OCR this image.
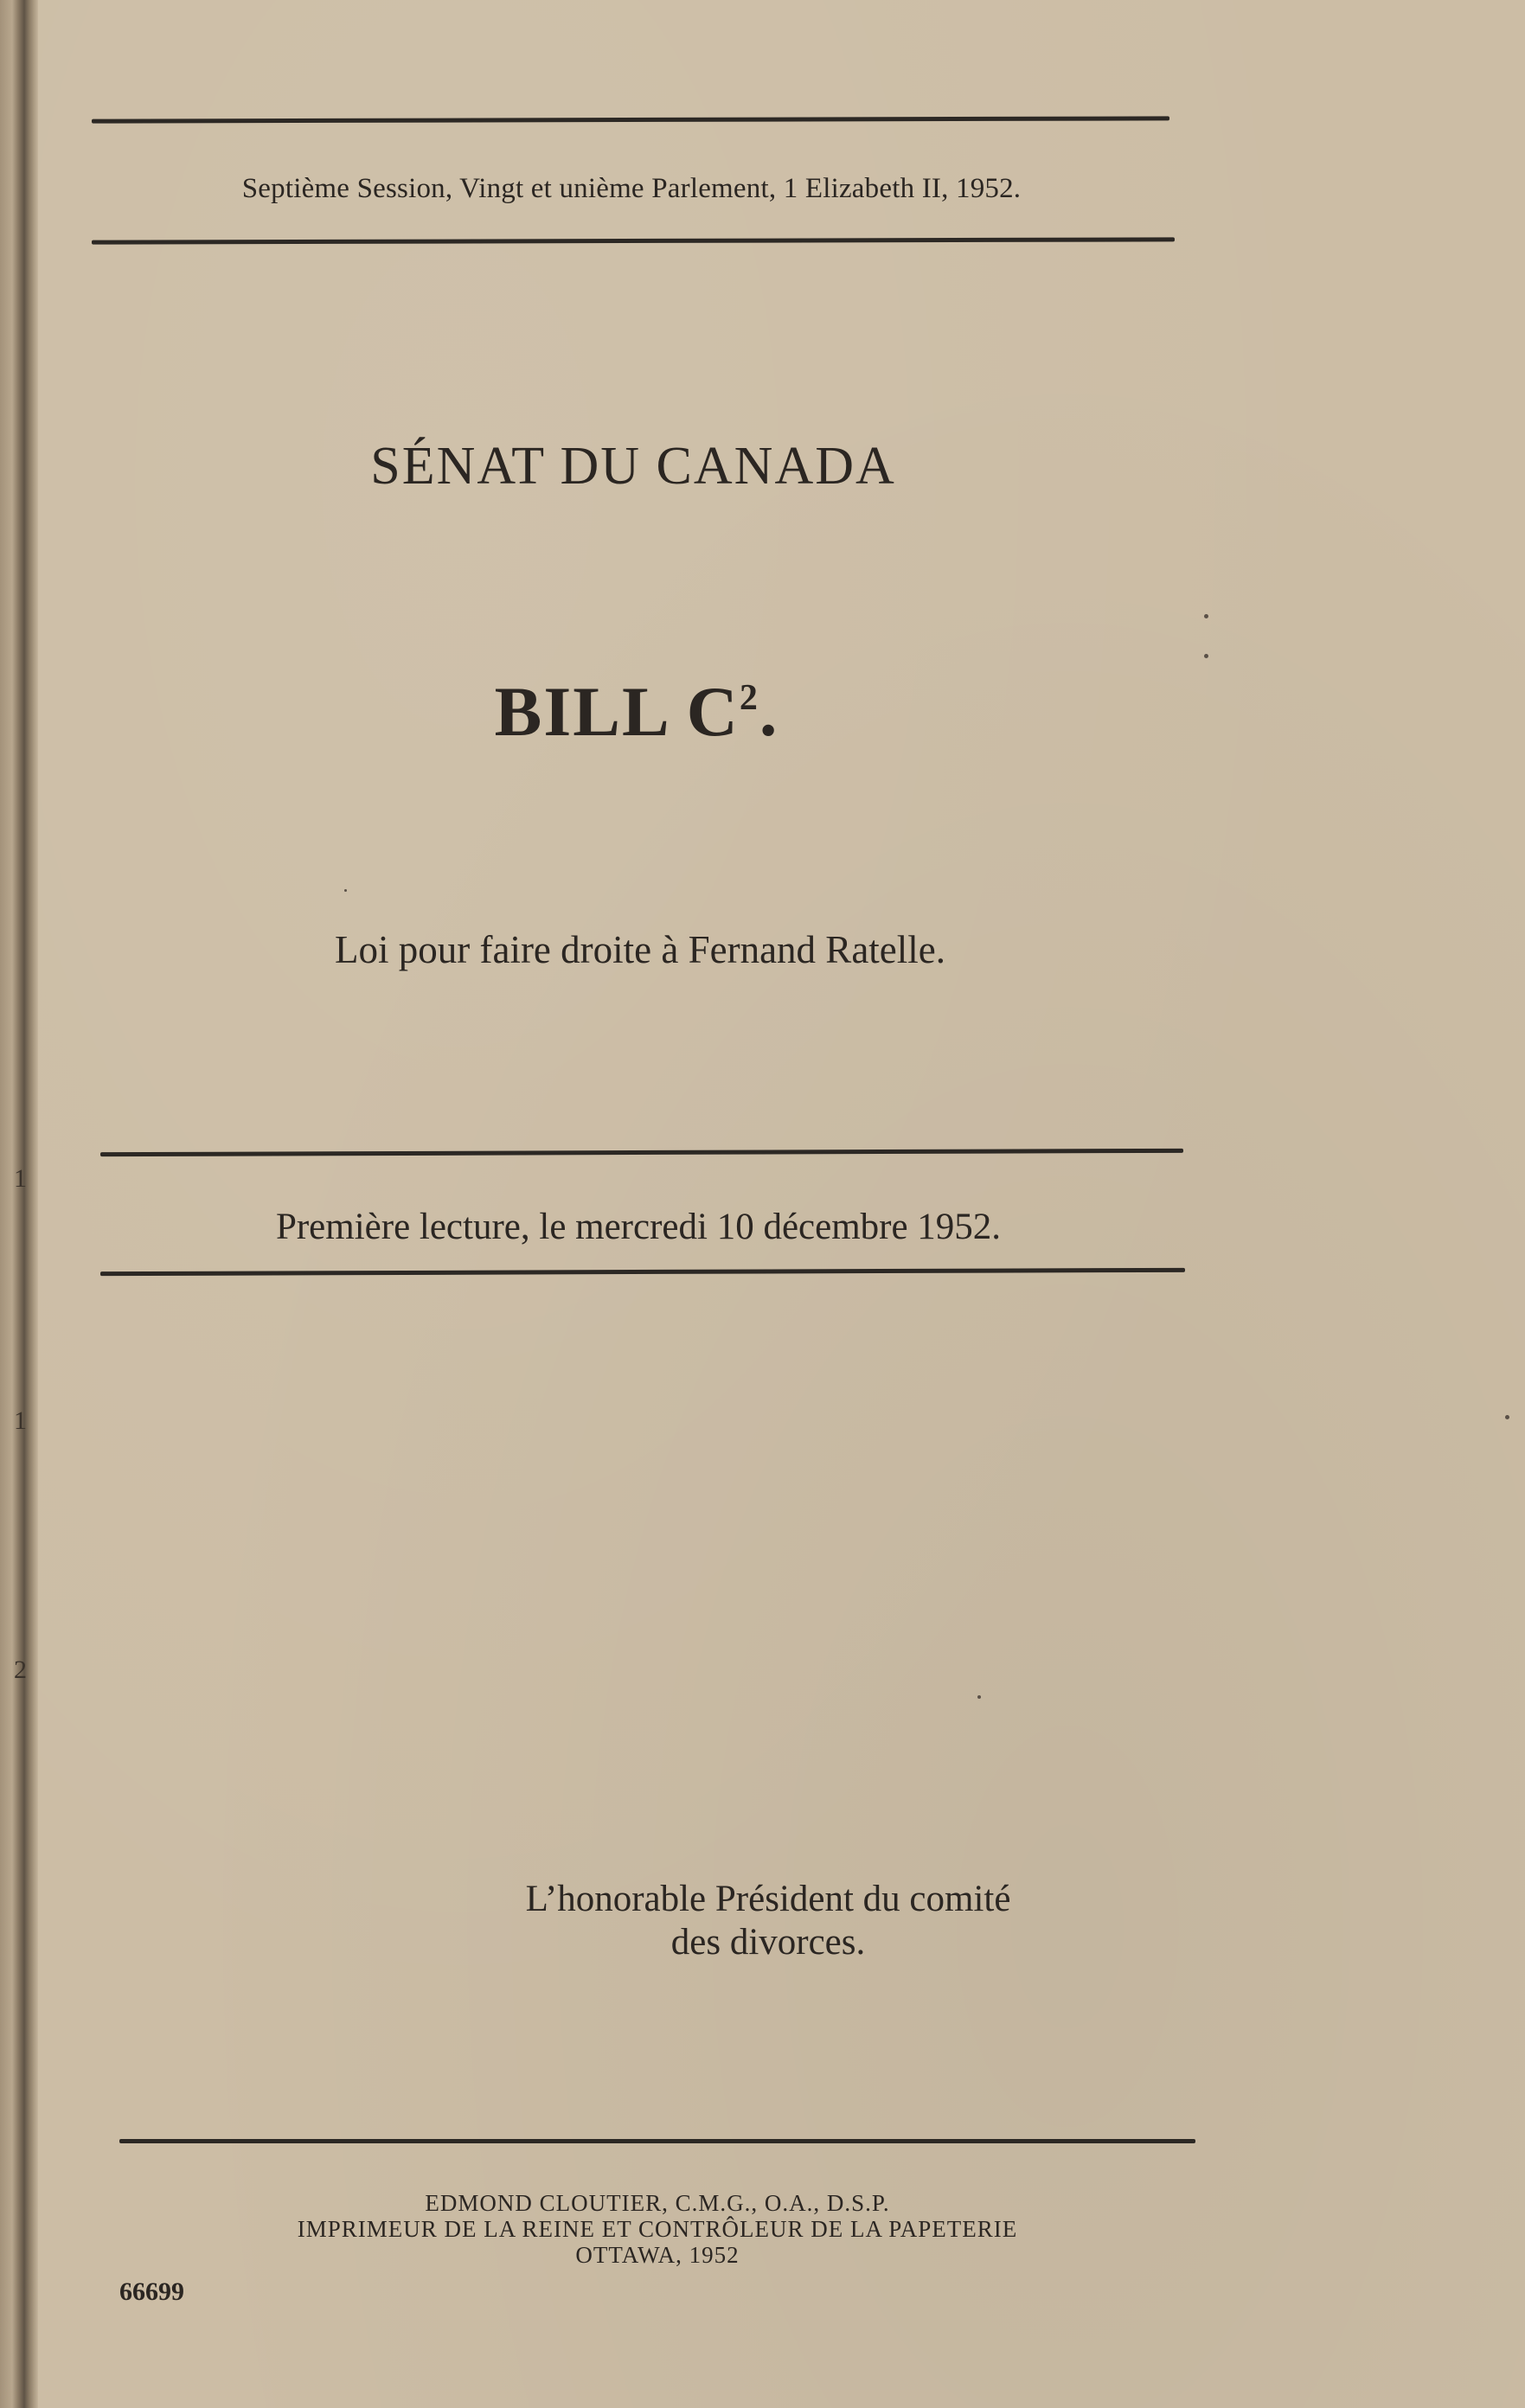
1
1
2
Septième Session, Vingt et unième Parlement, 1 Elizabeth II, 1952.
SÉNAT DU CANADA
BILL $C^2$.
Loi pour faire droite à Fernand Ratelle.
Première lecture, le mercredi 10 décembre 1952.
L’honorable Président du comité
des divorces.
EDMOND CLOUTIER, C.M.G., O.A., D.S.P.
IMPRIMEUR DE LA REINE ET CONTRÔLEUR DE LA PAPETERIE
OTTAWA, 1952
66699
